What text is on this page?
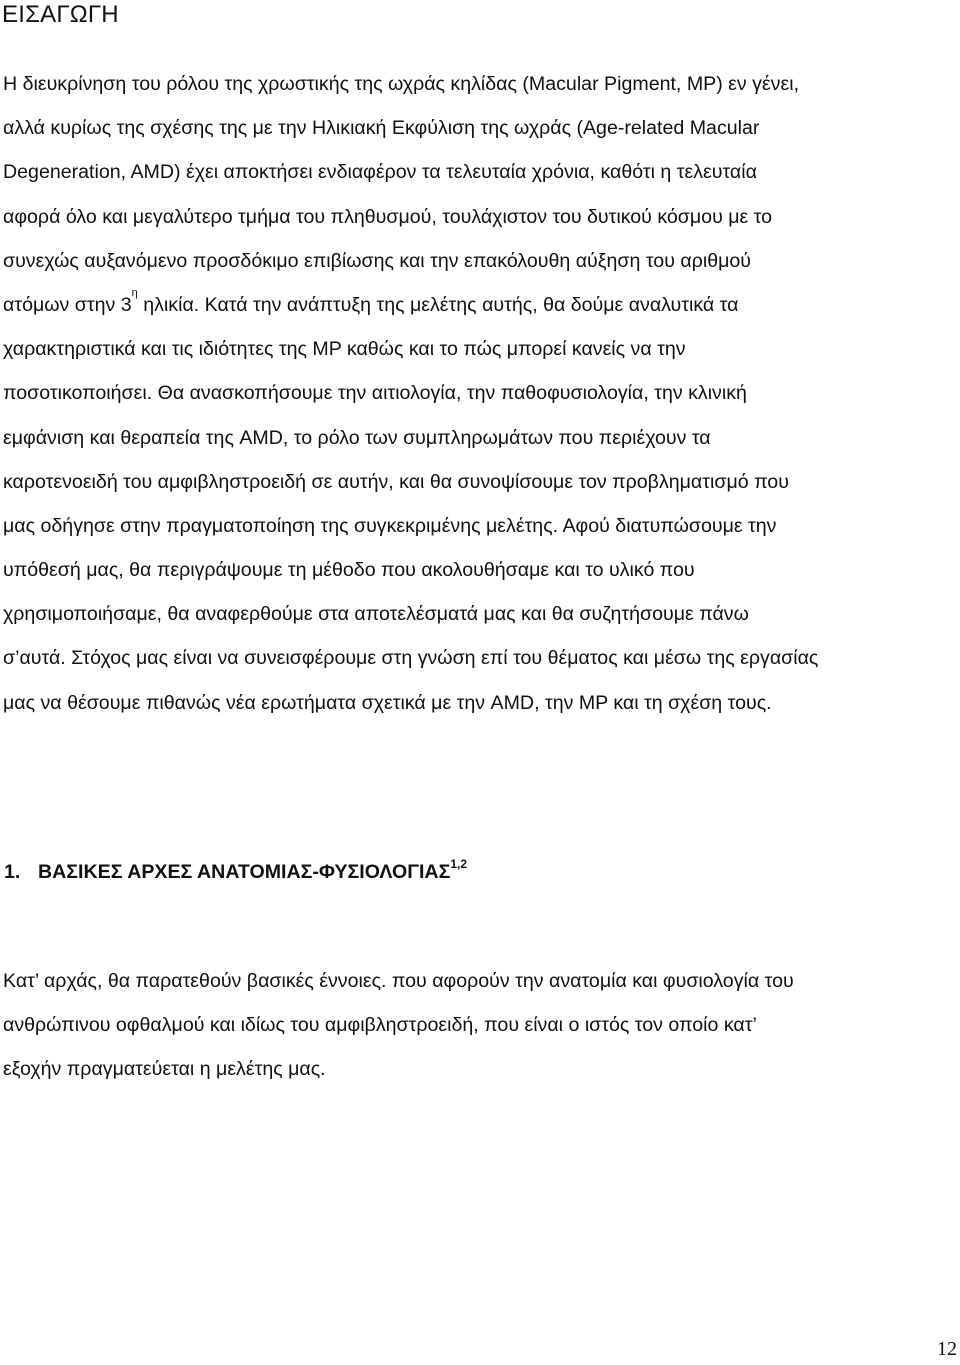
ΕΙΣΑΓΩΓΗ

Η διευκρίνηση του ρόλου της χρωστικής της ωχράς κηλίδας (Macular Pigment, MP) εν γένει,
αλλά κυρίως της σχέσης της με την Ηλικιακή Εκφύλιση της ωχράς (Age-related Macular
Degeneration, AMD) έχει αποκτήσει ενδιαφέρον τα τελευταία χρόνια, καθότι η τελευταία
αφορά όλο και μεγαλύτερο τμήμα του πληθυσμού, τουλάχιστον του δυτικού κόσμου με το
συνεχώς αυξανόμενο προσδόκιμο επιβίωσης και την επακόλουθη αύξηση του αριθμού
ατόμων στην $3^\eta$ ηλικία. Κατά την ανάπτυξη της μελέτης αυτής, θα δούμε αναλυτικά τα
χαρακτηριστικά και τις ιδιότητες της MP καθώς και το πώς μπορεί κανείς να την
ποσοτικοποιήσει. Θα ανασκοπήσουμε την αιτιολογία, την παθοφυσιολογία, την κλινική
εμφάνιση και θεραπεία της AMD, το ρόλο των συμπληρωμάτων που περιέχουν τα
καροτενοειδή του αμφιβληστροειδή σε αυτήν, και θα συνοψίσουμε τον προβληματισμό που
μας οδήγησε στην πραγματοποίηση της συγκεκριμένης μελέτης. Αφού διατυπώσουμε την
υπόθεσή μας, θα περιγράψουμε τη μέθοδο που ακολουθήσαμε και το υλικό που
χρησιμοποιήσαμε, θα αναφερθούμε στα αποτελέσματά μας και θα συζητήσουμε πάνω
σ’αυτά. Στόχος μας είναι να συνεισφέρουμε στη γνώση επί του θέματος και μέσω της εργασίας
μας να θέσουμε πιθανώς νέα ερωτήματα σχετικά με την AMD, την MP και τη σχέση τους.

1. ΒΑΣΙΚΕΣ ΑΡΧΕΣ ΑΝΑΤΟΜΙΑΣ-ΦΥΣΙΟΛΟΓΙΑΣ$^{1,2}$

Κατ’ αρχάς, θα παρατεθούν βασικές έννοιες. που αφορούν την ανατομία και φυσιολογία του
ανθρώπινου οφθαλμού και ιδίως του αμφιβληστροειδή, που είναι ο ιστός τον οποίο κατ’
εξοχήν πραγματεύεται η μελέτης μας.

12
